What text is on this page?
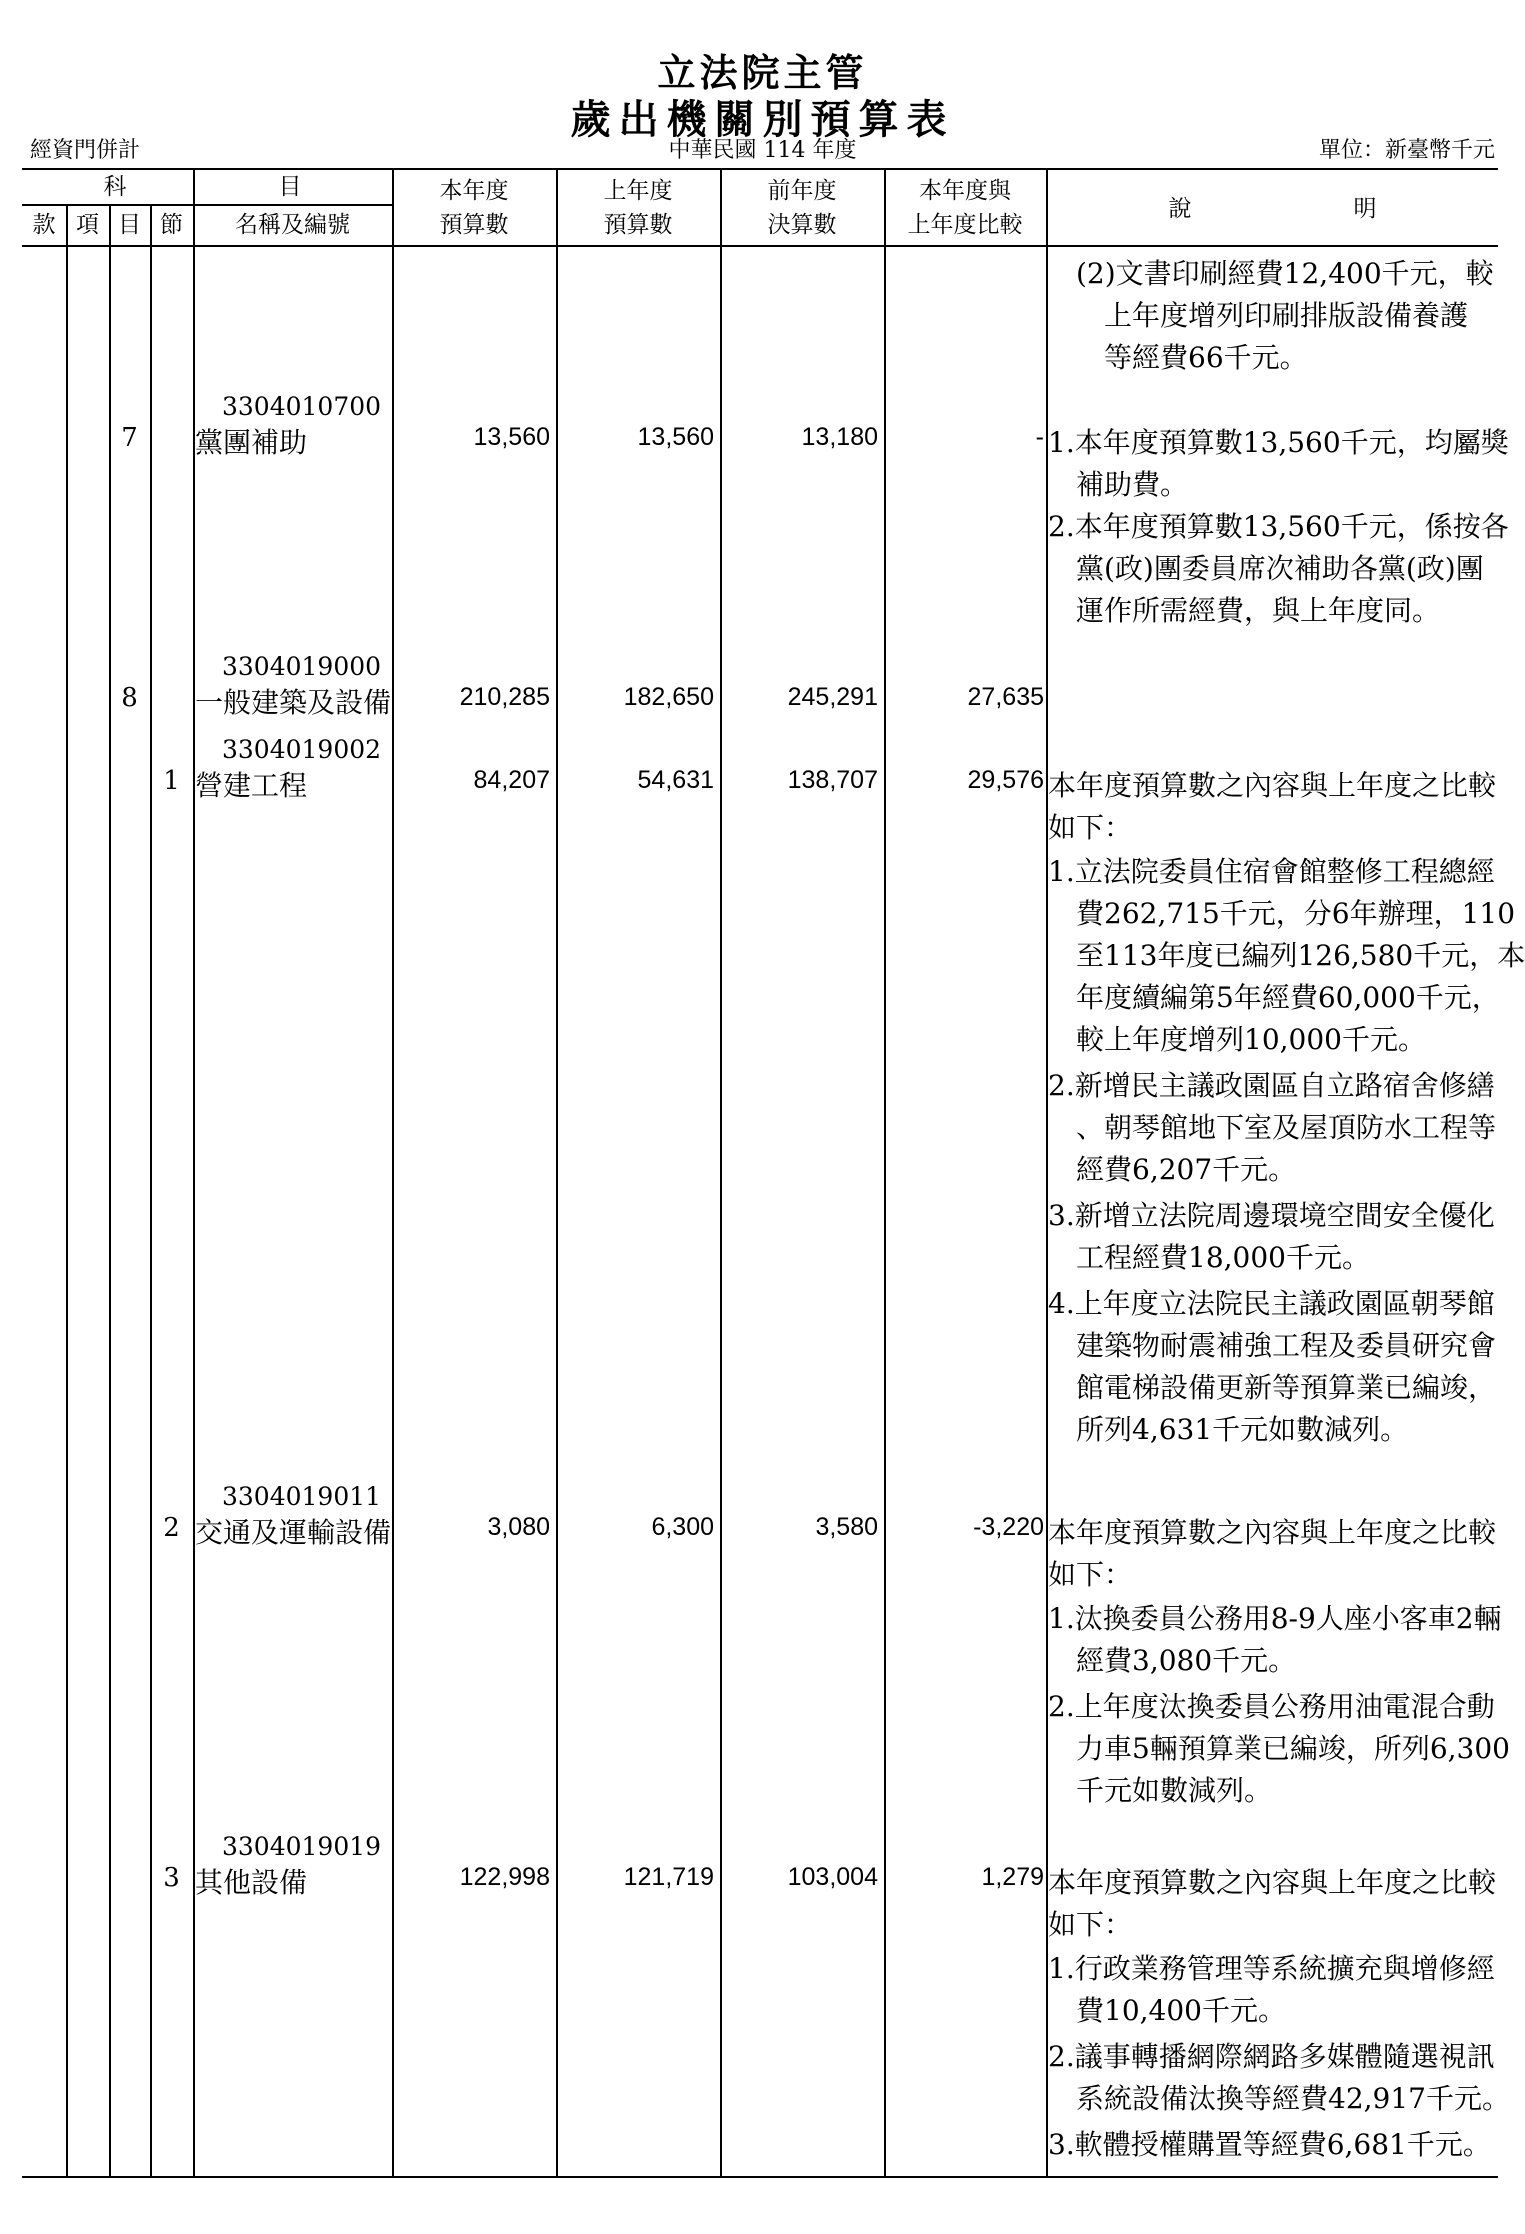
立法院主管
歲出機關別預算表
經資門併計	中華民國 114 年度	單位：新臺幣千元
科	目
款 項 目 節	名稱及編號
本年度
預算數
上年度
預算數
前年度
決算數
本年度與
上年度比較
說	明
(2)文書印刷經費12,400千元，較
上年度增列印刷排版設備養護
等經費66千元。
3304010700
7	黨團補助	13,560	13,560	13,180	- 1.本年度預算數13,560千元，均屬獎
補助費。
2.本年度預算數13,560千元，係按各
黨(政)團委員席次補助各黨(政)團
運作所需經費，與上年度同。
3304019000
8	一般建築及設備	210,285	182,650	245,291	27,635
3304019002
1 營建工程	84,207	54,631	138,707	29,576 本年度預算數之內容與上年度之比較
如下：
1.立法院委員住宿會館整修工程總經
費262,715千元，分6年辦理，110
至113年度已編列126,580千元，本
年度續編第5年經費60,000千元，
較上年度增列10,000千元。
2.新增民主議政園區自立路宿舍修繕
、朝琴館地下室及屋頂防水工程等
經費6,207千元。
3.新增立法院周邊環境空間安全優化
工程經費18,000千元。
4.上年度立法院民主議政園區朝琴館
建築物耐震補強工程及委員研究會
館電梯設備更新等預算業已編竣，
所列4,631千元如數減列。
3304019011
2 交通及運輸設備	3,080	6,300	3,580	-3,220 本年度預算數之內容與上年度之比較
如下：
1.汰換委員公務用8-9人座小客車2輛
經費3,080千元。
2.上年度汰換委員公務用油電混合動
力車5輛預算業已編竣，所列6,300
千元如數減列。
3304019019
3 其他設備	122,998	121,719	103,004	1,279 本年度預算數之內容與上年度之比較
如下：
1.行政業務管理等系統擴充與增修經
費10,400千元。
2.議事轉播網際網路多媒體隨選視訊
系統設備汰換等經費42,917千元。
3.軟體授權購置等經費6,681千元。
